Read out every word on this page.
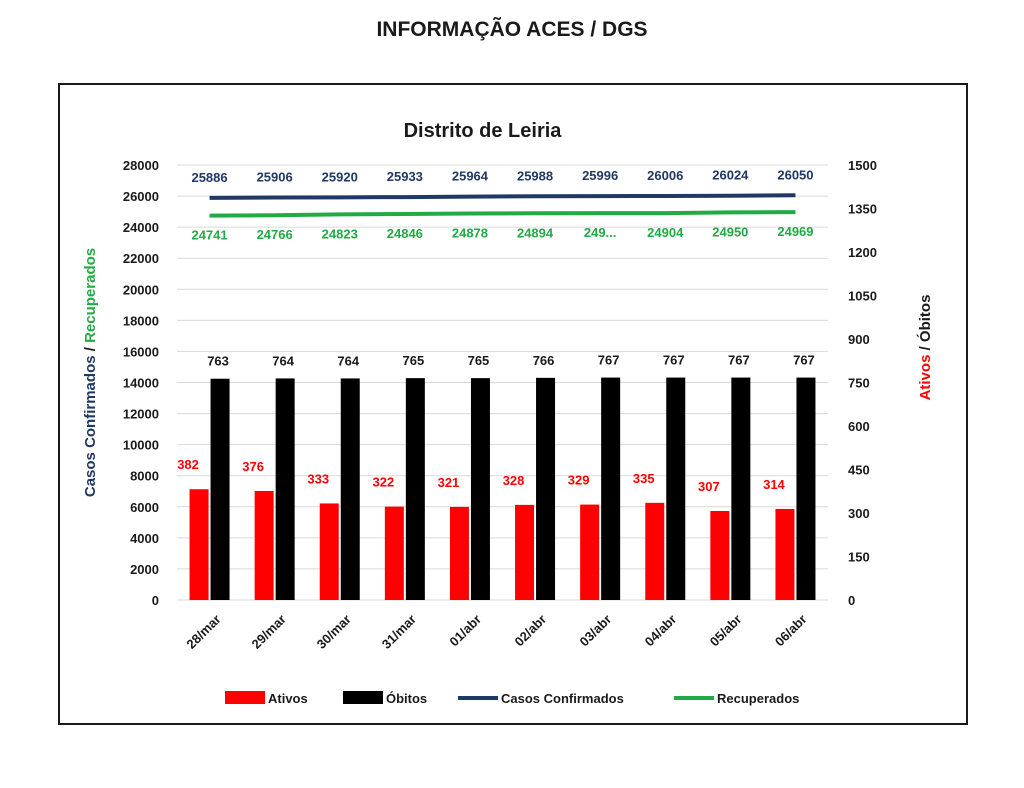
INFORMAÇÃO ACES / DGS
Distrito de Leiria
0
2000
4000
6000
8000
10000
12000
14000
16000
18000
20000
22000
24000
26000
28000
0
150
300
450
600
750
900
1050
1200
1350
1500
Casos Confirmados / Recuperados
Ativos / Óbitos
382
763
28/mar
376
764
29/mar
333
764
30/mar
322
765
31/mar
321
765
01/abr
328
766
02/abr
329
767
03/abr
335
767
04/abr
307
767
05/abr
314
767
06/abr
25886 25906 25920 25933 25964 25988 25996 26006 26024 26050
24741 24766 24823 24846 24878 24894 249... 24904 24950 24969
Ativos	Óbitos	Casos Confirmados	Recuperados
